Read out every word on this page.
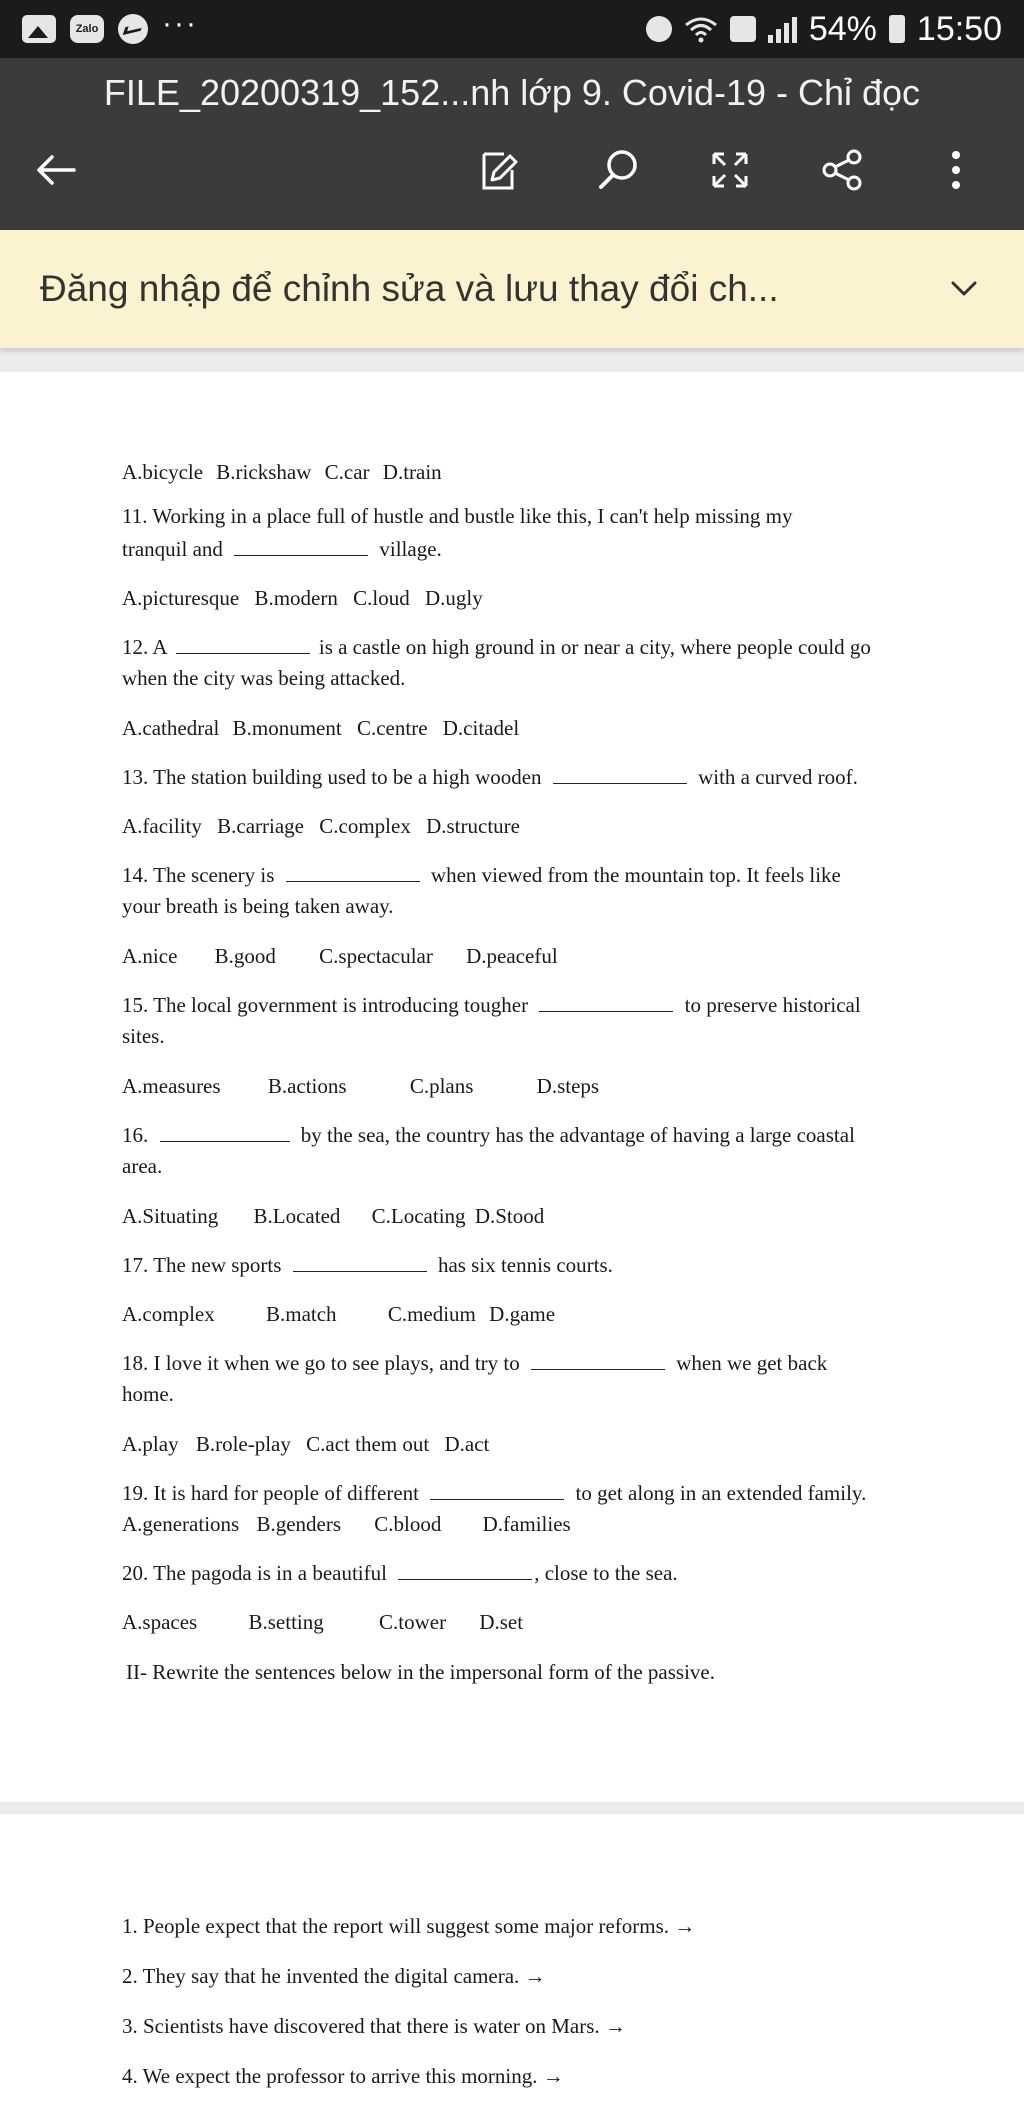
Zalo ···	54% 15:50
FILE_20200319_152...nh lớp 9. Covid-19 - Chỉ đọc
Đăng nhập để chỉnh sửa và lưu thay đổi ch...
A.bicycle B.rickshaw C.car D.train
11. Working in a place full of hustle and bustle like this, I can't help missing my
tranquil and	village.
A.picturesque B.modern C.loud D.ugly
12. A	is a castle on high ground in or near a city, where people could go
when the city was being attacked.
A.cathedral B.monument C.centre D.citadel
13. The station building used to be a high wooden	with a curved roof.
A.facility B.carriage C.complex D.structure
14. The scenery is	when viewed from the mountain top. It feels like
your breath is being taken away.
A.nice B.good C.spectacular D.peaceful
15. The local government is introducing tougher	to preserve historical
sites.
A.measures B.actions	C.plans	D.steps
16.	by the sea, the country has the advantage of having a large coastal
area.
A.Situating B.Located C.Locating D.Stood
17. The new sports	has six tennis courts.
A.complex B.match C.medium D.game
18. I love it when we go to see plays, and try to	when we get back
home.
A.play B.role-play C.act them out D.act
19. It is hard for people of different	to get along in an extended family.
A.generations B.genders C.blood D.families
20. The pagoda is in a beautiful	, close to the sea.
A.spaces B.setting	C.tower D.set
II- Rewrite the sentences below in the impersonal form of the passive.
1. People expect that the report will suggest some major reforms. →
2. They say that he invented the digital camera. →
3. Scientists have discovered that there is water on Mars. →
4. We expect the professor to arrive this morning. →
